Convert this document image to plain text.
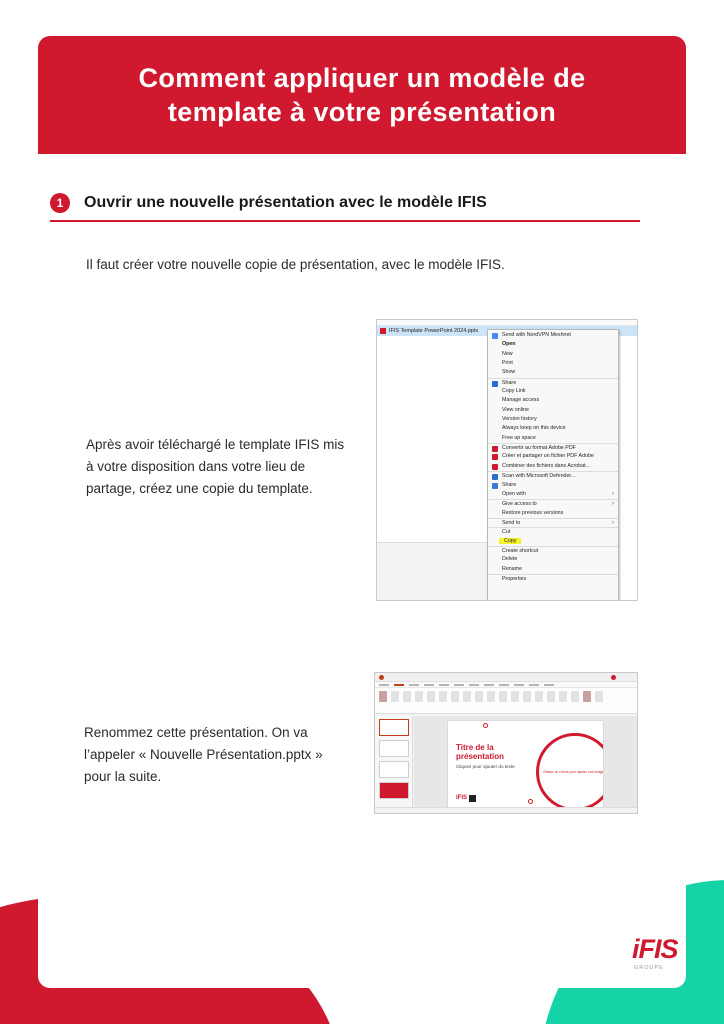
Comment appliquer un modèle de template à votre présentation
1	Ouvrir une nouvelle présentation avec le modèle IFIS

Il faut créer votre nouvelle copie de présentation, avec le modèle IFIS.

Après avoir téléchargé le template IFIS mis à votre disposition dans votre lieu de partage, créez une copie du template.

Renommez cette présentation. On va l’appeler « Nouvelle Présentation.pptx » pour la suite.

IFIS Template PowerPoint 2024.pptx
Send with NordVPN Meshnet
Open
New
Print
Show
Share
Copy Link
Manage access
View online
Version history
Always keep on this device
Free up space
Convertir au format Adobe PDF
Créer et partager un fichier PDF Adobe
Combiner des fichiers dans Acrobat...
Scan with Microsoft Defender...
Share
Open with	›
Give access to	›
Restore previous versions
Send to	›
Cut
Copy
Create shortcut
Delete
Rename
Properties
Titre de la présentation
Cliquez pour ajouter du texte
Glissez ou l'icône pour ajouter une image
iFIS
iFIS
GROUPE
